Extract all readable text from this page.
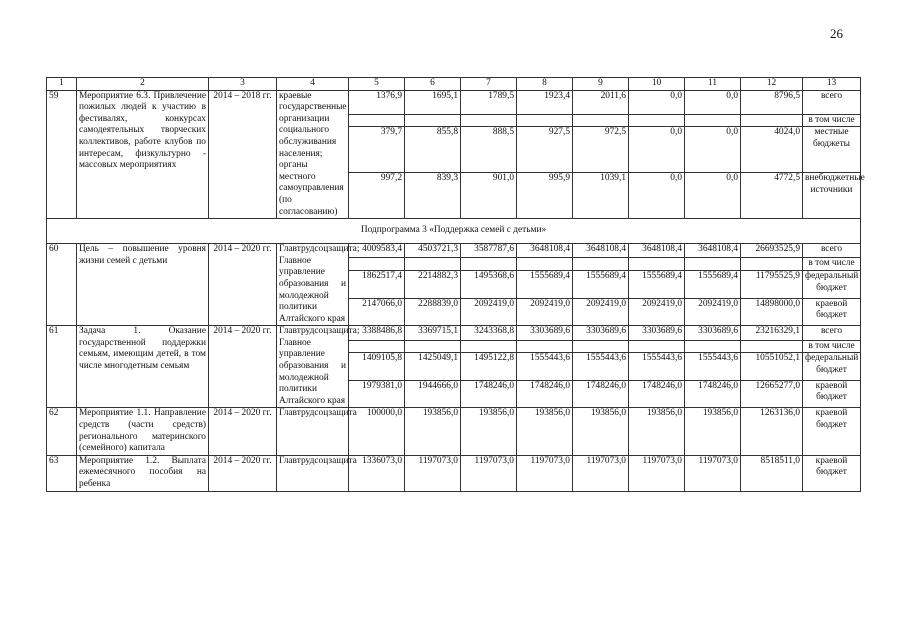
26
1	2	3	4	5	6	7	8	9	10	11	12	13
59	Мероприятие 6.3. Привлечение пожилых людей к участию в фестивалях, конкурсах самодеятельных творческих коллективов, работе клубов по интересам, физкультурно - массовых мероприятиях	2014 – 2018 гг.	краевые государственные организации социального обслуживания населения; органы местного самоуправления (по согласованию)	1376,9	1695,1	1789,5	1923,4	2011,6	0,0	0,0	8796,5	всего
												в том числе
				379,7	855,8	888,5	927,5	972,5	0,0	0,0	4024,0	местные бюджеты
				997,2	839,3	901,0	995,9	1039,1	0,0	0,0	4772,5	внебюджетные источники
Подпрограмма 3 «Поддержка семей с детьми»												
60	Цель – повышение уровня жизни семей с детьми	2014 – 2020 гг.	Главтрудсоцзащита; Главное управление образования и молодежной политики Алтайского края	4009583,4	4503721,3	3587787,6	3648108,4	3648108,4	3648108,4	3648108,4	26693525,9	всего
												в том числе
				1862517,4	2214882,3	1495368,6	1555689,4	1555689,4	1555689,4	1555689,4	11795525,9	федеральный бюджет
				2147066,0	2288839,0	2092419,0	2092419,0	2092419,0	2092419,0	2092419,0	14898000,0	краевой бюджет
61	Задача 1. Оказание государственной поддержки семьям, имеющим детей, в том числе многодетным семьям	2014 – 2020 гг.	Главтрудсоцзащита; Главное управление образования и молодежной политики Алтайского края	3388486,8	3369715,1	3243368,8	3303689,6	3303689,6	3303689,6	3303689,6	23216329,1	всего
												в том числе
				1409105,8	1425049,1	1495122,8	1555443,6	1555443,6	1555443,6	1555443,6	10551052,1	федеральный бюджет
				1979381,0	1944666,0	1748246,0	1748246,0	1748246,0	1748246,0	1748246,0	12665277,0	краевой бюджет
62	Мероприятие 1.1. Направление средств (части средств) регионального материнского (семейного) капитала	2014 – 2020 гг.	Главтрудсоцзащита	100000,0	193856,0	193856,0	193856,0	193856,0	193856,0	193856,0	1263136,0	краевой бюджет
63	Мероприятие 1.2. Выплата ежемесячного пособия на ребенка	2014 – 2020 гг.	Главтрудсоцзащита	1336073,0	1197073,0	1197073,0	1197073,0	1197073,0	1197073,0	1197073,0	8518511,0	краевой бюджет
